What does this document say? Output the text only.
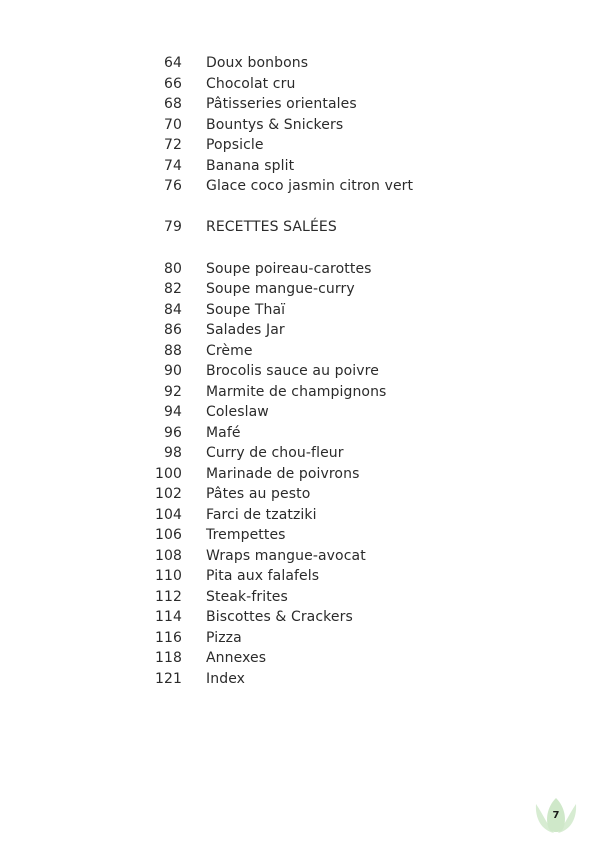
64 Doux bonbons
66 Chocolat cru
68 Pâtisseries orientales
70 Bountys & Snickers
72 Popsicle
74 Banana split
76 Glace coco jasmin citron vert
79 RECETTES SALÉES
80 Soupe poireau-carottes
82 Soupe mangue-curry
84 Soupe Thaï
86 Salades Jar
88 Crème
90 Brocolis sauce au poivre
92 Marmite de champignons
94 Coleslaw
96 Mafé
98 Curry de chou-fleur
100 Marinade de poivrons
102 Pâtes au pesto
104 Farci de tzatziki
106 Trempettes
108 Wraps mangue-avocat
110 Pita aux falafels
112 Steak-frites
114 Biscottes & Crackers
116 Pizza
118 Annexes
121 Index
7
